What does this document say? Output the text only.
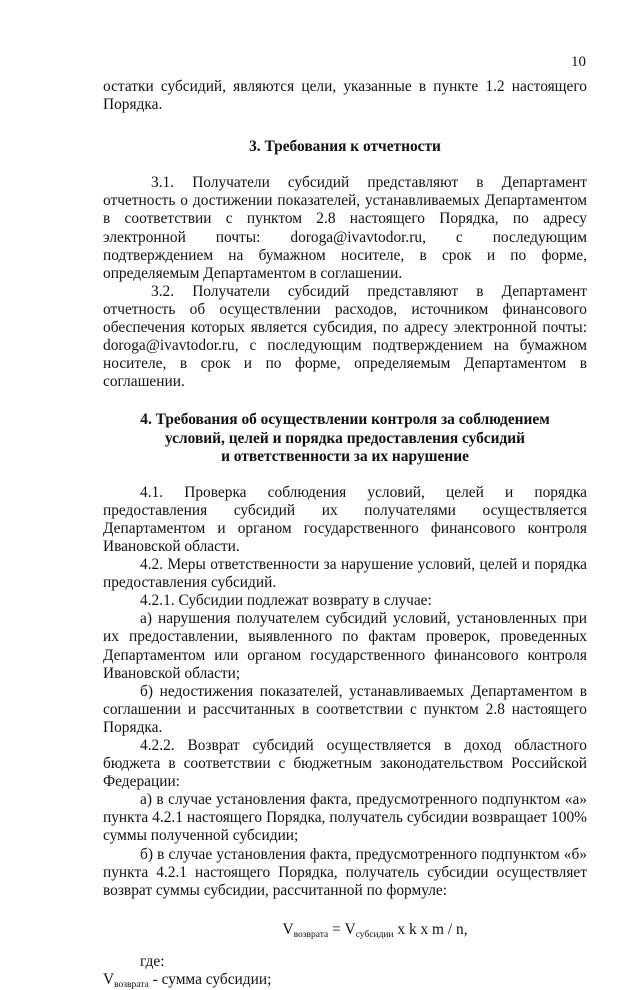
10

остатки субсидий, являются цели, указанные в пункте 1.2 настоящего Порядка.

3. Требования к отчетности

3.1. Получатели субсидий представляют в Департамент отчетность о достижении показателей, устанавливаемых Департаментом в соответствии с пунктом 2.8 настоящего Порядка, по адресу электронной почты: dorogа@ivavtodor.ru, с последующим подтверждением на бумажном носителе, в срок и по форме, определяемым Департаментом в соглашении.

3.2. Получатели субсидий представляют в Департамент отчетность об осуществлении расходов, источником финансового обеспечения которых является субсидия, по адресу электронной почты: dorogа@ivavtodor.ru, с последующим подтверждением на бумажном носителе, в срок и по форме, определяемым Департаментом в соглашении.

4. Требования об осуществлении контроля за соблюдением
условий, целей и порядка предоставления субсидий
и ответственности за их нарушение

4.1. Проверка соблюдения условий, целей и порядка предоставления субсидий их получателями осуществляется Департаментом и органом государственного финансового контроля Ивановской области.

4.2. Меры ответственности за нарушение условий, целей и порядка предоставления субсидий.

4.2.1. Субсидии подлежат возврату в случае:

а) нарушения получателем субсидий условий, установленных при их предоставлении, выявленного по фактам проверок, проведенных Департаментом или органом государственного финансового контроля Ивановской области;

б) недостижения показателей, устанавливаемых Департаментом в соглашении и рассчитанных в соответствии с пунктом 2.8 настоящего Порядка.

4.2.2. Возврат субсидий осуществляется в доход областного бюджета в соответствии с бюджетным законодательством Российской Федерации:

а) в случае установления факта, предусмотренного подпунктом «а» пункта 4.2.1 настоящего Порядка, получатель субсидии возвращает 100% суммы полученной субсидии;

б) в случае установления факта, предусмотренного подпунктом «б» пункта 4.2.1 настоящего Порядка, получатель субсидии осуществляет возврат суммы субсидии, рассчитанной по формуле:

$V_{возврата} = V_{субсидии}$ x k x m / n,

где:

$V_{возврата}$ - сумма субсидии;
